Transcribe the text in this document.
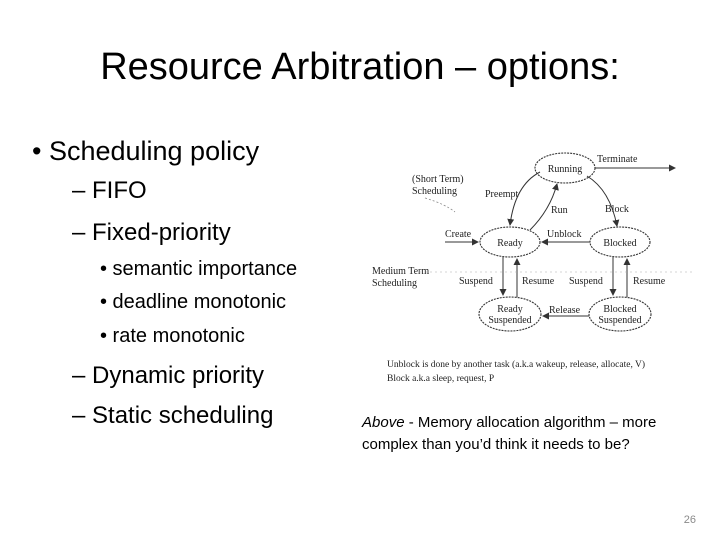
Resource Arbitration – options:
• Scheduling policy
– FIFO
– Fixed-priority
• semantic importance
• deadline monotonic
• rate monotonic
– Dynamic priority
– Static scheduling
Running
Ready	Blocked
Ready
Suspended
Blocked
Suspended
Terminate
Preempt
Run	Block
Create	Unblock
Suspend	Resume Suspend	Resume
Release
(Short Term)
Scheduling
Medium Term
Scheduling
Unblock is done by another task (a.k.a wakeup, release, allocate, V)
Block a.k.a sleep, request, P
Above - Memory allocation algorithm – more complex than you’d think it needs to be?
26
